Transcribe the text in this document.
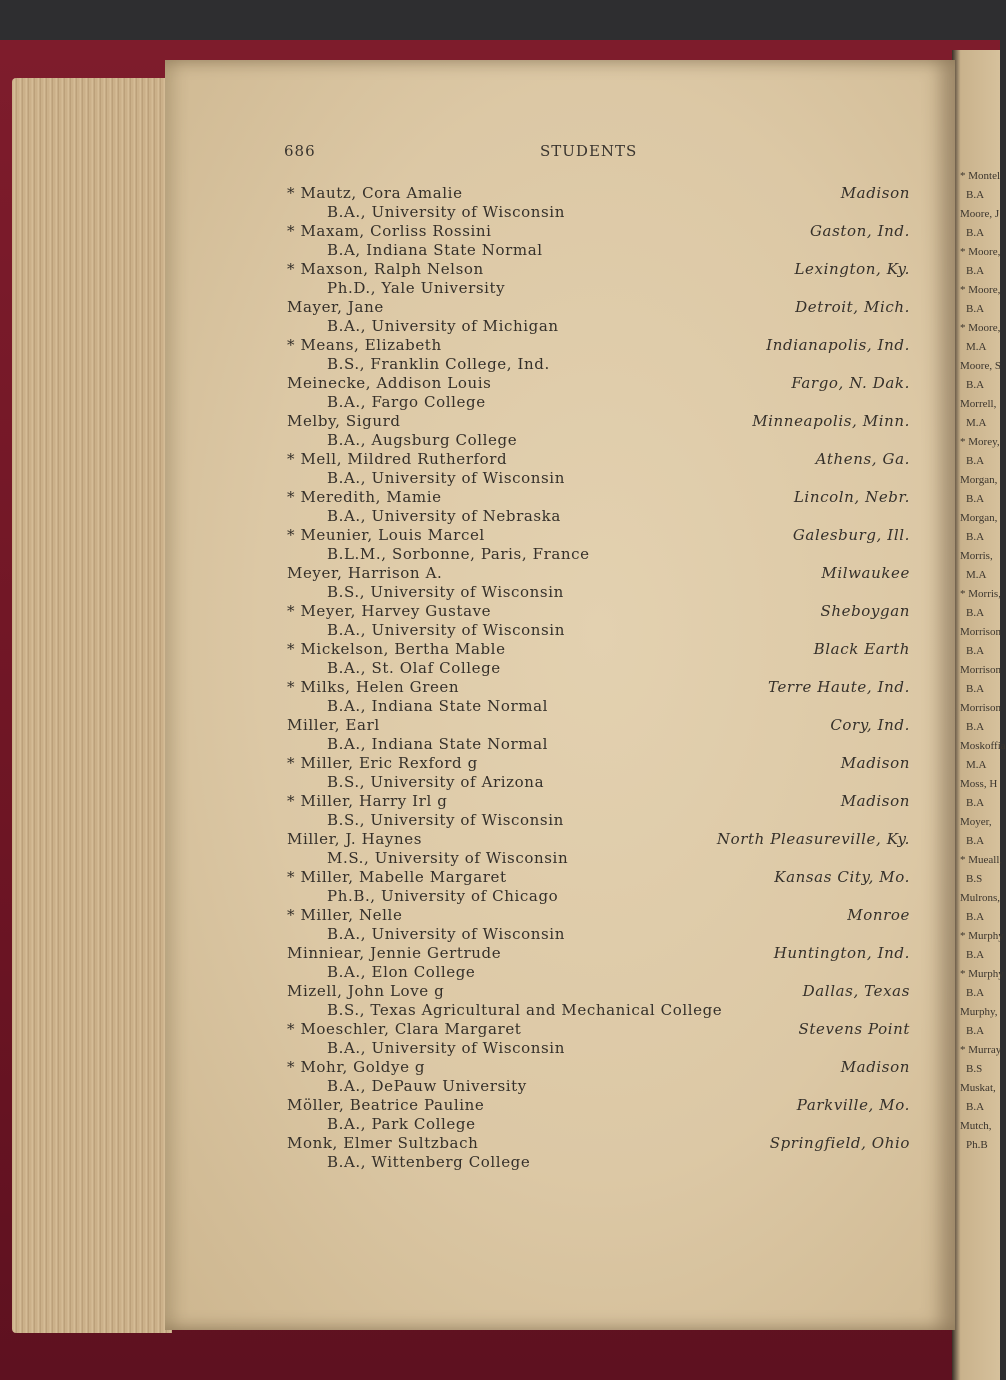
* Montel
B.A
Moore, J
B.A
* Moore,
B.A
* Moore,
B.A
* Moore,
M.A
Moore, S
B.A
Morrell,
M.A
* Morey,
B.A
Morgan,
B.A
Morgan,
B.A
Morris,
M.A
* Morris,
B.A
Morrison
B.A
Morrison
B.A
Morrison
B.A
Moskoffia
M.A
Moss, H
B.A
Moyer,
B.A
* Mueall,
B.S
Mulrons,
B.A
* Murphy
B.A
* Murphy
B.A
Murphy,
B.A
* Murray
B.S
Muskat,
B.A
Mutch,
Ph.B
686	STUDENTS
* Mautz, Cora Amalie	Madison
B.A., University of Wisconsin
* Maxam, Corliss Rossini	Gaston, Ind.
B.A, Indiana State Normal
* Maxson, Ralph Nelson	Lexington, Ky.
Ph.D., Yale University
Mayer, Jane	Detroit, Mich.
B.A., University of Michigan
* Means, Elizabeth	Indianapolis, Ind.
B.S., Franklin College, Ind.
Meinecke, Addison Louis	Fargo, N. Dak.
B.A., Fargo College
Melby, Sigurd	Minneapolis, Minn.
B.A., Augsburg College
* Mell, Mildred Rutherford	Athens, Ga.
B.A., University of Wisconsin
* Meredith, Mamie	Lincoln, Nebr.
B.A., University of Nebraska
* Meunier, Louis Marcel	Galesburg, Ill.
B.L.M., Sorbonne, Paris, France
Meyer, Harrison A.	Milwaukee
B.S., University of Wisconsin
* Meyer, Harvey Gustave	Sheboygan
B.A., University of Wisconsin
* Mickelson, Bertha Mable	Black Earth
B.A., St. Olaf College
* Milks, Helen Green	Terre Haute, Ind.
B.A., Indiana State Normal
Miller, Earl	Cory, Ind.
B.A., Indiana State Normal
* Miller, Eric Rexford g	Madison
B.S., University of Arizona
* Miller, Harry Irl g	Madison
B.S., University of Wisconsin
Miller, J. Haynes	North Pleasureville, Ky.
M.S., University of Wisconsin
* Miller, Mabelle Margaret	Kansas City, Mo.
Ph.B., University of Chicago
* Miller, Nelle	Monroe
B.A., University of Wisconsin
Minniear, Jennie Gertrude	Huntington, Ind.
B.A., Elon College
Mizell, John Love g	Dallas, Texas
B.S., Texas Agricultural and Mechanical College
* Moeschler, Clara Margaret	Stevens Point
B.A., University of Wisconsin
* Mohr, Goldye g	Madison
B.A., DePauw University
Möller, Beatrice Pauline	Parkville, Mo.
B.A., Park College
Monk, Elmer Sultzbach	Springfield, Ohio
B.A., Wittenberg College
